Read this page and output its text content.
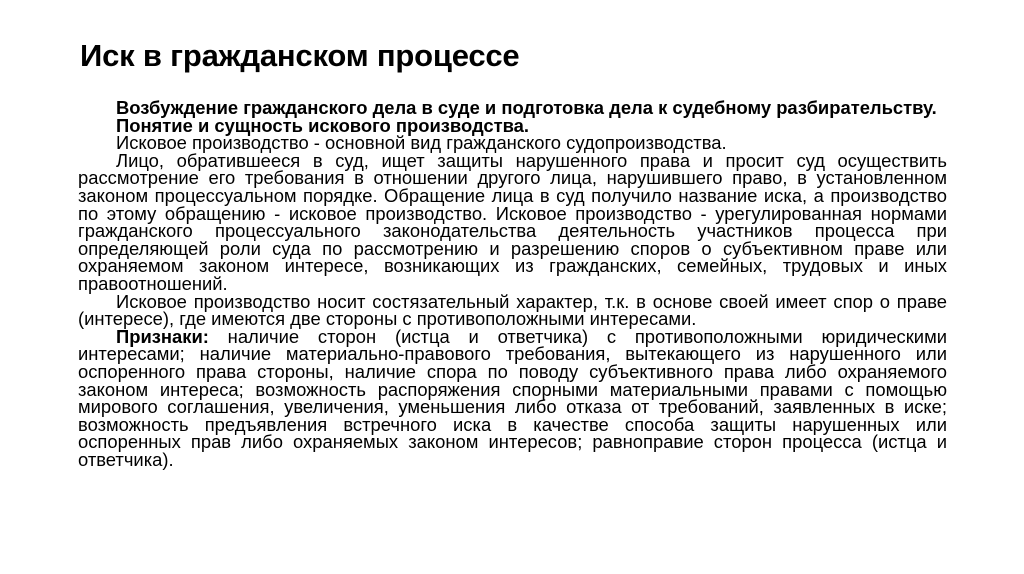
Иск в гражданском процессе

Возбуждение гражданского дела в суде и подготовка дела к судебному разбирательству.

Понятие и сущность искового производства.

Исковое производство - основной вид гражданского судопроизводства.

Лицо, обратившееся в суд, ищет защиты нарушенного права и просит суд осуществить рассмотрение его требования в отношении другого лица, нарушившего право, в установленном законом процессуальном порядке. Обращение лица в суд получило название иска, а производство по этому обращению - исковое производство. Исковое производство - урегулированная нормами гражданского процессуального законодательства деятельность участников процесса при определяющей роли суда по рассмотрению и разрешению споров о субъективном праве или охраняемом законом интересе, возникающих из гражданских, семейных, трудовых и иных правоотношений.

Исковое производство носит состязательный характер, т.к. в основе своей имеет спор о праве (интересе), где имеются две стороны с противоположными интересами.

Признаки: наличие сторон (истца и ответчика) с противоположными юридическими интересами; наличие материально-правового требования, вытекающего из нарушенного или оспоренного права стороны, наличие спора по поводу субъективного права либо охраняемого законом интереса; возможность распоряжения спорными материальными правами с помощью мирового соглашения, увеличения, уменьшения либо отказа от требований, заявленных в иске; возможность предъявления встречного иска в качестве способа защиты нарушенных или оспоренных прав либо охраняемых законом интересов; равноправие сторон процесса (истца и ответчика).
